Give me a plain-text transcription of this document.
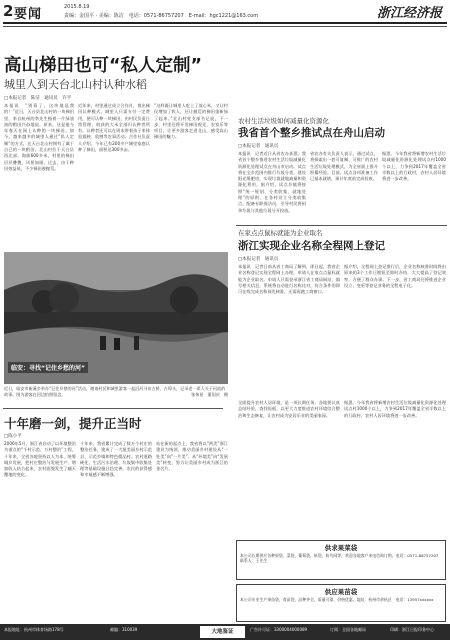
2 要闻	2015.8.19
责编：金国平 · 美编：陈洁　 电话：0571-86757207　E-mail：hgc1221@163.com	浙江经济报
高山梯田也可“私人定制”
城里人到天台北山村认种水稻
□本报记者　陈洁　通讯员　许平
本报讯　“别看了，这块地是我的！”近日，天台县北山村的一块梯田里，来自杭州的李先生指着一片绿油油的稻田兴奋地说。原来，这是他今年春天在网上认种的一块梯田。如今，越来越多的城里人通过“私人定制”的方式，在天台北山村拥有了属于自己的一块稻田。北山村位于天台县西北部，海拔600多米，村里的梯田层层叠叠，风景如画。过去，由于种田效益低，不少梯田被抛荒。
近年来，村里通过成立合作社，推出梯田认种模式，城里人只需支付一定费用，便可认种一块梯田，由村民负责日常管理，收获的大米全部归认种者所有。认种者还可以在周末带着孩子来体验插秧、收割等农事活动。合作社负责人介绍，今年已有200多户城里家庭认种了梯田，面积达300多亩。
“这样既让城里人吃上了放心米，又让村民增加了收入，还让抛荒的梯田重新绿了起来。”北山村党支部书记说，下一步，村里还将开发梯田观光、农家乐等项目，让更多游客走进北山，感受高山梯田的魅力。
农村生活垃圾如何减量化资源化
我省首个整乡推试点在舟山启动
□本报记者　通讯员
本报讯　记者近日从省农办获悉，我省首个整乡推进农村生活垃圾减量化资源化处理试点在舟山市启动。试点将在全乡范围内推行垃圾分类，建设阳光堆肥房，实现垃圾就地减量和资源化利用。据介绍，试点乡镇将按照“统一规划、分类收集、就地处理”的原则，在各村设立分类收集点，配备专职保洁员，引导村民将厨余垃圾与其他垃圾分开投放。
省农办有关负责人表示，通过试点，将探索出一套可复制、可推广的农村生活垃圾处理模式，为全省面上推开积累经验。目前，试点各项准备工作已基本就绪，预计年底前完成验收。
据悉，今年我省将新增农村生活垃圾减量化资源化处理试点村1000个以上，力争到2017年覆盖全省半数以上的行政村，农村人居环境将进一步改善。
在家点点鼠标就能为企业取名
浙江实现企业名称全程网上登记
□本报记者　通讯员
本报讯　记者日前从省工商局了解到，即日起，我省企业名称登记实现全程网上办理，申请人在家点点鼠标就能为企业取名。申请人只需登录浙江省工商局网站，填写相关信息，系统将自动进行名称比对，符合条件的即可在线完成名称预先核准，无需再跑工商窗口。
据介绍，全程网上登记推行后，企业名称核准时间将由原来的3个工作日缩短至即时办结，大大提高了登记效率，方便了群众办事。下一步，省工商局还将推进企业设立、变更等登记业务的全程电子化。
临安：寻找“记住乡愁的河”
近日，临安市新溪乡举办“记住乡愁的河”活动，邀请村民和城里游客一起沿河寻访古桥、古埠头，记录老一辈人关于河流的故事。图为游客在河边拍照留念。	张伟星　董国庆　摄
十年磨一剑，提升正当时
□陈小平
2006年5月，浙江省启动了以环境整治为重点的“千村示范、万村整治”工程，十年来，全省各地坚持以人为本、统筹城乡发展，把村庄整治与发展生产、增加收入结合起来，农村面貌发生了翻天覆地的变化。
十年来，我省累计完成了数万个村庄的整治任务，建成了一大批美丽乡村示范县、示范乡镇和特色精品村。农村道路硬化、生活污水治理、垃圾集中收集处理等基础设施日趋完善，农民的获得感和幸福感不断增强。
站在新的起点上，我省将以“两美”浙江建设为统领，推动美丽乡村建设从“一处美”向“一片美”、从“环境美”向“发展美”转变，努力让美丽乡村成为浙江的金名片。
全面提升农村人居环境，是一项长期任务。各地要认真总结经验，查找短板，以更大力度推进农村环境综合整治和生态修复，让农村成为安居乐业的美丽家园。
据悉，今年我省将新增农村生活垃圾减量化资源化处理试点村1000个以上，力争到2017年覆盖全省半数以上的行政村，农村人居环境将进一步改善。
供求果菜袋
本公司长期供应各种果袋、菜袋、葡萄袋、纸袋、防鸟网等，欢迎各地客户来电咨询订购。电话：0571-86757207　联系人：王先生
供应果苗袋
本公司专业生产果苗袋、育苗袋，品种齐全，质量可靠，价格优惠。地址：杭州市余杭区　电话：13957xxxxxx
本报地址：杭州市体育场路178号	邮编：310039	广告许可证：3300004000089	订阅：全国各地邮局	印刷：浙江日报印务中心
大地鉴证
